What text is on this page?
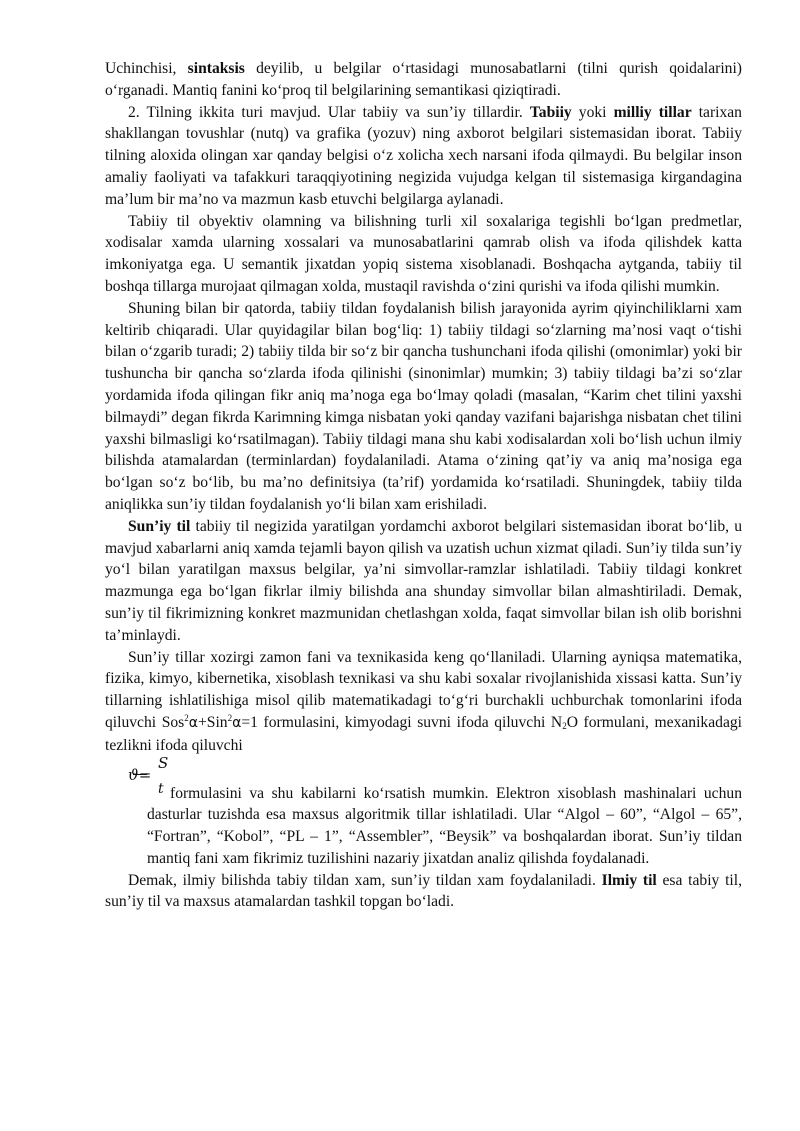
Uchinchisi, sintaksis deyilib, u belgilar o‘rtasidagi munosabatlarni (tilni qurish qoidalarini) o‘rganadi. Mantiq fanini ko‘proq til belgilarining semantikasi qiziqtiradi.

2. Tilning ikkita turi mavjud. Ular tabiiy va sun’iy tillardir. Tabiiy yoki milliy tillar tarixan shakllangan tovushlar (nutq) va grafika (yozuv) ning axborot belgilari sistemasidan iborat. Tabiiy tilning aloxida olingan xar qanday belgisi o‘z xolicha xech narsani ifoda qilmaydi. Bu belgilar inson amaliy faoliyati va tafakkuri taraqqiyotining negizida vujudga kelgan til sistemasiga kirgandagina ma’lum bir ma’no va mazmun kasb etuvchi belgilarga aylanadi.

Tabiiy til obyektiv olamning va bilishning turli xil soxalariga tegishli bo‘lgan predmetlar, xodisalar xamda ularning xossalari va munosabatlarini qamrab olish va ifoda qilishdek katta imkoniyatga ega. U semantik jixatdan yopiq sistema xisoblanadi. Boshqacha aytganda, tabiiy til boshqa tillarga murojaat qilmagan xolda, mustaqil ravishda o‘zini qurishi va ifoda qilishi mumkin.

Shuning bilan bir qatorda, tabiiy tildan foydalanish bilish jarayonida ayrim qiyinchiliklarni xam keltirib chiqaradi. Ular quyidagilar bilan bog‘liq: 1) tabiiy tildagi so‘zlarning ma’nosi vaqt o‘tishi bilan o‘zgarib turadi; 2) tabiiy tilda bir so‘z bir qancha tushunchani ifoda qilishi (omonimlar) yoki bir tushuncha bir qancha so‘zlarda ifoda qilinishi (sinonimlar) mumkin; 3) tabiiy tildagi ba’zi so‘zlar yordamida ifoda qilingan fikr aniq ma’noga ega bo‘lmay qoladi (masalan, “Karim chet tilini yaxshi bilmaydi” degan fikrda Karimning kimga nisbatan yoki qanday vazifani bajarishga nisbatan chet tilini yaxshi bilmasligi ko‘rsatilmagan). Tabiiy tildagi mana shu kabi xodisalardan xoli bo‘lish uchun ilmiy bilishda atamalardan (terminlardan) foydalaniladi. Atama o‘zining qat’iy va aniq ma’nosiga ega bo‘lgan so‘z bo‘lib, bu ma’no definitsiya (ta’rif) yordamida ko‘rsatiladi. Shuningdek, tabiiy tilda aniqlikka sun’iy tildan foydalanish yo‘li bilan xam erishiladi.

Sun’iy til tabiiy til negizida yaratilgan yordamchi axborot belgilari sistemasidan iborat bo‘lib, u mavjud xabarlarni aniq xamda tejamli bayon qilish va uzatish uchun xizmat qiladi. Sun’iy tilda sun’iy yo‘l bilan yaratilgan maxsus belgilar, ya’ni simvollar-ramzlar ishlatiladi. Tabiiy tildagi konkret mazmunga ega bo‘lgan fikrlar ilmiy bilishda ana shunday simvollar bilan almashtiriladi. Demak, sun’iy til fikrimizning konkret mazmunidan chetlashgan xolda, faqat simvollar bilan ish olib borishni ta’minlaydi.

Sun’iy tillar xozirgi zamon fani va texnikasida keng qo‘llaniladi. Ularning ayniqsa matematika, fizika, kimyo, kibernetika, xisoblash texnikasi va shu kabi soxalar rivojlanishida xissasi katta. Sun’iy tillarning ishlatilishiga misol qilib matematikadagi to‘g‘ri burchakli uchburchak tomonlarini ifoda qiluvchi Sos$^2$α+Sin$^2$α=1 formulasini, kimyodagi suvni ifoda qiluvchi $N_2O$ formulani, mexanikadagi tezlikni ifoda qiluvchi
ϑ=
S
t formulasini va shu kabilarni ko‘rsatish mumkin. Elektron xisoblash mashinalari uchun dasturlar tuzishda esa maxsus algoritmik tillar ishlatiladi. Ular “Algol – 60”, “Algol – 65”, “Fortran”, “Kobol”, “PL – 1”, “Assembler”, “Beysik” va boshqalardan iborat. Sun’iy tildan mantiq fani xam fikrimiz tuzilishini nazariy jixatdan analiz qilishda foydalanadi.

Demak, ilmiy bilishda tabiy tildan xam, sun’iy tildan xam foydalaniladi. Ilmiy til esa tabiy til, sun’iy til va maxsus atamalardan tashkil topgan bo‘ladi.
